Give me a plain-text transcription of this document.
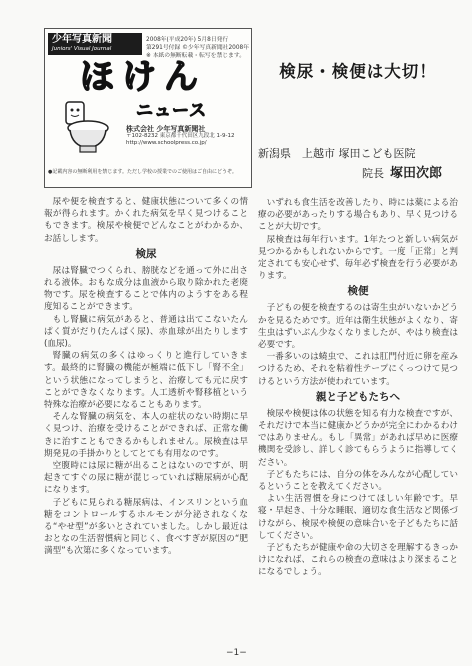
少年写真新聞
Juniors' Visual Journal
2008年(平成20年) 5月8日発行
第291号付録 ©少年写真新聞社2008年
※ 本紙の無断転載・転写を禁じます。
ほけん
ニュース
株式会社 少年写真新聞社
〒102-8232 東京都千代田区九段北 1-9-12
http://www.schoolpress.co.jp/
●記載内容の無断利用を禁じます。ただし学校の授業でのご使用はご自由にどうぞ。
検尿・検便は大切！
新潟県　上越市 塚田こども医院
院長 塚田次郎

尿や便を検査すると、健康状態について多くの情報が得られます。かくれた病気を早く見つけることもできます。検尿や検便でどんなことがわかるか、お話しします。

検尿

尿は腎臓でつくられ、膀胱などを通って外に出される液体。おもな成分は血液から取り除かれた老廃物です。尿を検査することで体内のようすをある程度知ることができます。

もし腎臓に病気があると、普通は出てこないたんぱく質がだり(たんぱく尿)、赤血球が出たりします(血尿)。

腎臓の病気の多くはゆっくりと進行していきます。最終的に腎臓の機能が極端に低下し「腎不全」という状態になってしまうと、治療しても元に戻すことができなくなります。人工透析や腎移植という特殊な治療が必要になることもあります。

そんな腎臓の病気を、本人の症状のない時期に早く見つけ、治療を受けることができれば、正常な働きに治すこともできるかもしれません。尿検査は早期発見の手掛かりとしてとても有用なのです。

空腹時には尿に糖が出ることはないのですが、明起きてすぐの尿に糖が混じっていれば糖尿病が心配になります。

子どもに見られる糖尿病は、インスリンという血糖をコントロールするホルモンが分泌されなくなる“やせ型”が多いとされていました。しかし最近はおとなの生活習慣病と同じく、食べすぎが原因の“肥満型”も次第に多くなっています。

いずれも食生活を改善したり、時には薬による治療の必要があったりする場合もあり、早く見つけることが大切です。

尿検査は毎年行います。1年たつと新しい病気が見つかるかもしれないからです。一度「正常」と判定されても安心せず、毎年必ず検査を行う必要があります。

検便

子どもの便を検査するのは寄生虫がいないかどうかを見るためです。近年は衛生状態がよくなり、寄生虫はずいぶん少なくなりましたが、やはり検査は必要です。

一番多いのは蟯虫で、これは肛門付近に卵を産みつけるため、それを粘着性テープにくっつけて見つけるという方法が使われています。

親と子どもたちへ

検尿や検便は体の状態を知る有力な検査ですが、それだけで本当に健康かどうかが完全にわかるわけではありません。もし「異常」があれば早めに医療機関を受診し、詳しく診てもらうように指導してください。

子どもたちには、自分の体をみんなが心配しているということを教えてください。

よい生活習慣を身につけてほしい年齢です。早寝・早起き、十分な睡眠、適切な食生活など関係づけながら、検尿や検便の意味合いを子どもたちに話してください。

子どもたちが健康や命の大切さを理解するきっかけになれば、これらの検査の意味はより深まることになるでしょう。

−1−
